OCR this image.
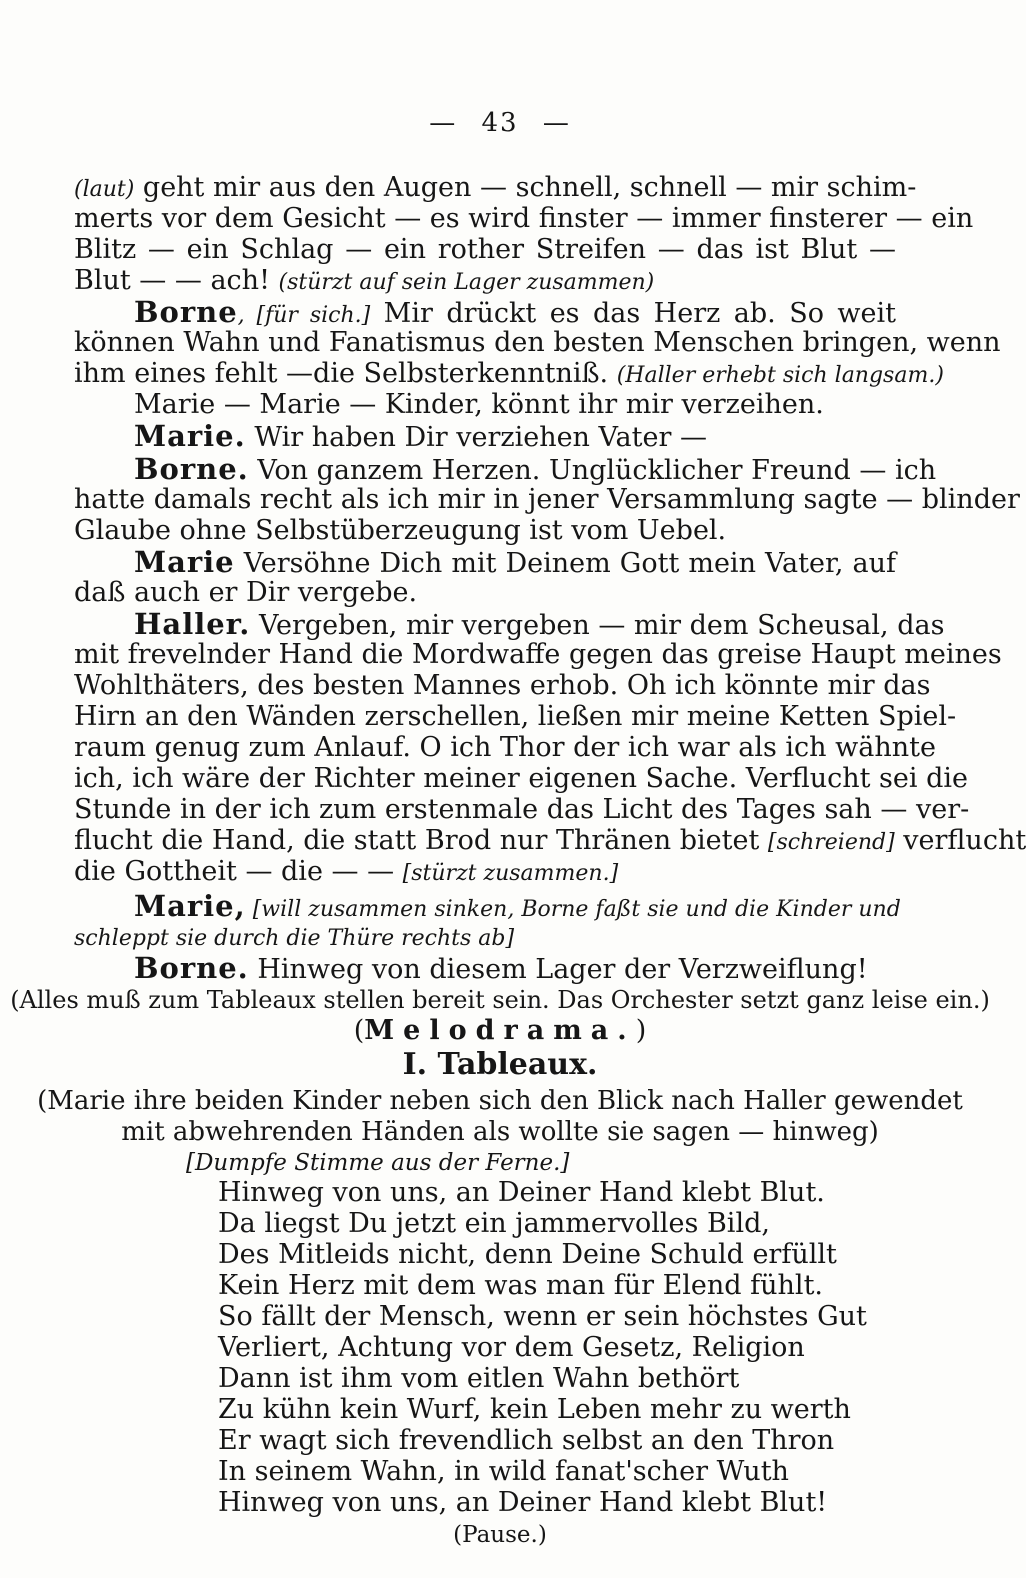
— 43 —
(laut) geht mir aus den Augen — schnell, schnell — mir schim-
merts vor dem Gesicht — es wird finster — immer finsterer — ein
Blitz — ein Schlag — ein rother Streifen — das ist Blut —
Blut — — ach! (stürzt auf sein Lager zusammen)
Borne, [für sich.] Mir drückt es das Herz ab. So weit
können Wahn und Fanatismus den besten Menschen bringen, wenn
ihm eines fehlt —die Selbsterkenntniß. (Haller erhebt sich langsam.)
Marie — Marie — Kinder, könnt ihr mir verzeihen.
Marie. Wir haben Dir verziehen Vater —
Borne. Von ganzem Herzen. Unglücklicher Freund — ich
hatte damals recht als ich mir in jener Versammlung sagte — blinder
Glaube ohne Selbstüberzeugung ist vom Uebel.
Marie Versöhne Dich mit Deinem Gott mein Vater, auf
daß auch er Dir vergebe.
Haller. Vergeben, mir vergeben — mir dem Scheusal, das
mit frevelnder Hand die Mordwaffe gegen das greise Haupt meines
Wohlthäters, des besten Mannes erhob. Oh ich könnte mir das
Hirn an den Wänden zerschellen, ließen mir meine Ketten Spiel-
raum genug zum Anlauf. O ich Thor der ich war als ich wähnte
ich, ich wäre der Richter meiner eigenen Sache. Verflucht sei die
Stunde in der ich zum erstenmale das Licht des Tages sah — ver-
flucht die Hand, die statt Brod nur Thränen bietet [schreiend] verflucht
die Gottheit — die — — [stürzt zusammen.]
Marie, [will zusammen sinken, Borne faßt sie und die Kinder und
schleppt sie durch die Thüre rechts ab]
Borne. Hinweg von diesem Lager der Verzweiflung!
(Alles muß zum Tableaux stellen bereit sein. Das Orchester setzt ganz leise ein.)
(Melodrama.)
I. Tableaux.
(Marie ihre beiden Kinder neben sich den Blick nach Haller gewendet
mit abwehrenden Händen als wollte sie sagen — hinweg)
[Dumpfe Stimme aus der Ferne.]
Hinweg von uns, an Deiner Hand klebt Blut.
Da liegst Du jetzt ein jammervolles Bild,
Des Mitleids nicht, denn Deine Schuld erfüllt
Kein Herz mit dem was man für Elend fühlt.
So fällt der Mensch, wenn er sein höchstes Gut
Verliert, Achtung vor dem Gesetz, Religion
Dann ist ihm vom eitlen Wahn bethört
Zu kühn kein Wurf, kein Leben mehr zu werth
Er wagt sich frevendlich selbst an den Thron
In seinem Wahn, in wild fanat'scher Wuth
Hinweg von uns, an Deiner Hand klebt Blut!
(Pause.)
